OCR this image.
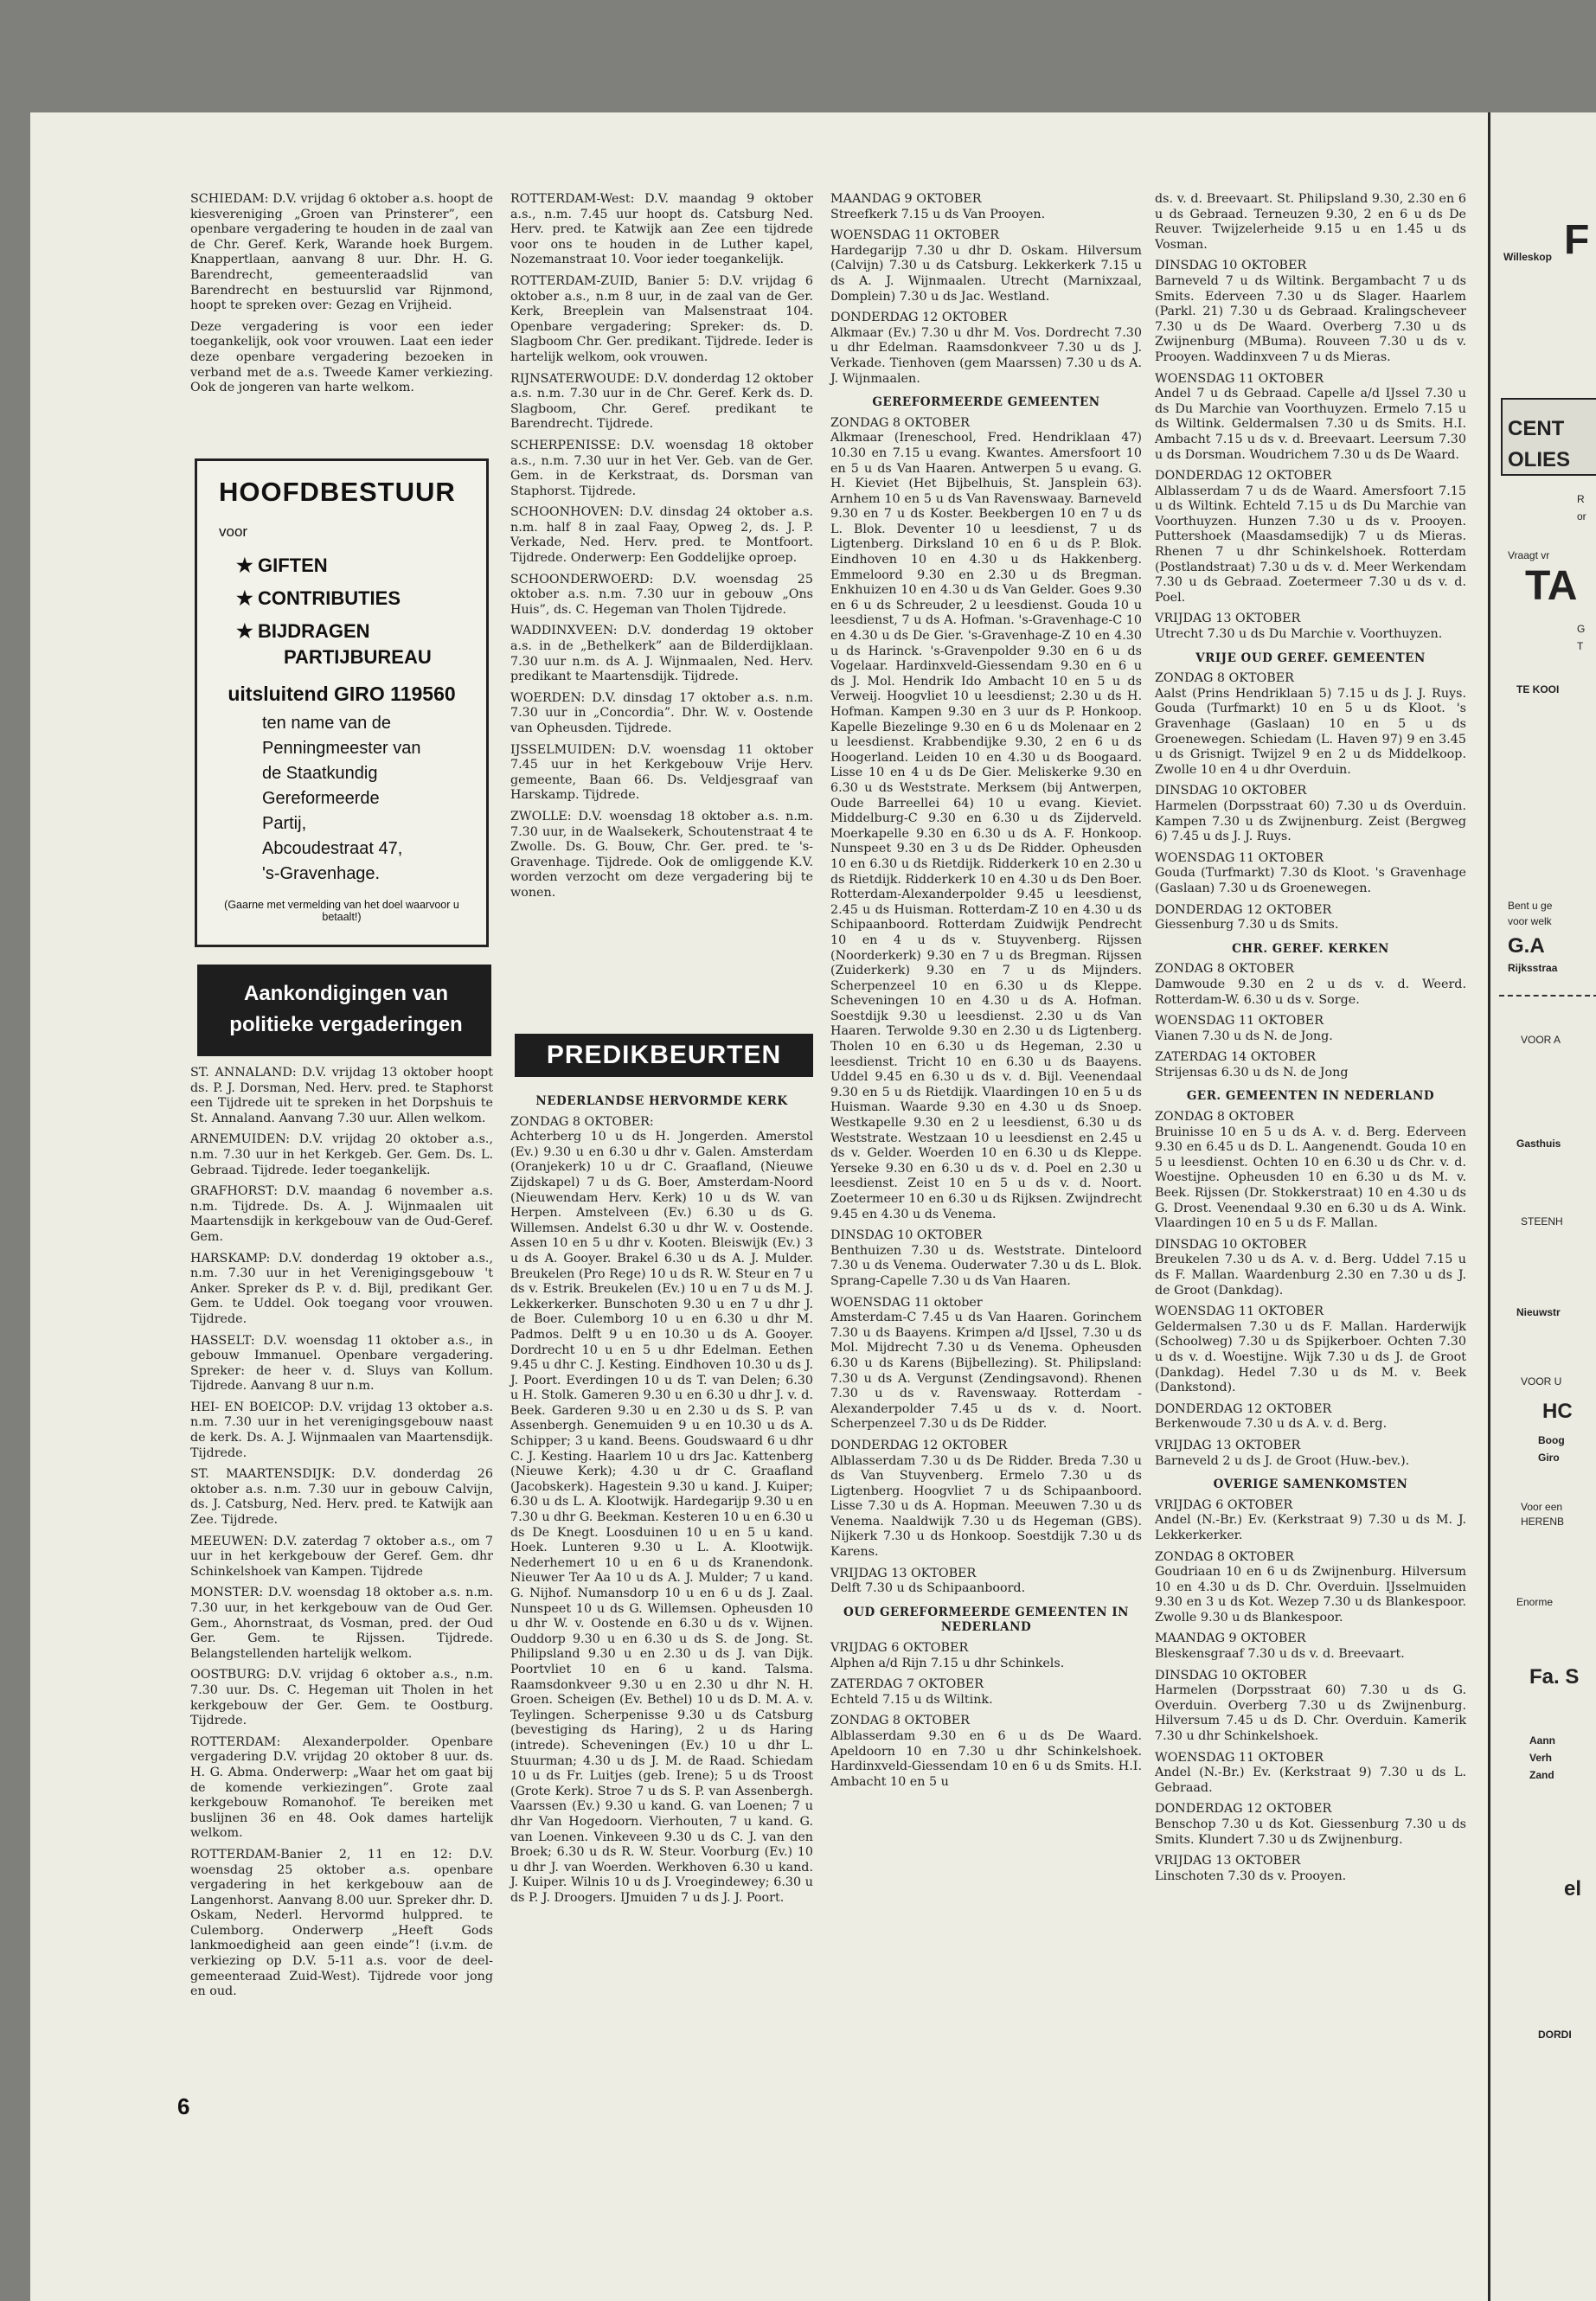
SCHIEDAM: D.V. vrijdag 6 oktober a.s. hoopt de kiesvereniging „Groen van Prinsterer”, een openbare vergadering te houden in de zaal van de Chr. Geref. Kerk, Warande hoek Burgem. Knappertlaan, aanvang 8 uur. Dhr. H. G. Barendrecht, gemeenteraadslid van Barendrecht en bestuurslid var Rijnmond, hoopt te spreken over: Gezag en Vrijheid.

Deze vergadering is voor een ieder toegankelijk, ook voor vrouwen. Laat een ieder deze openbare vergadering bezoeken in verband met de a.s. Tweede Kamer verkiezing. Ook de jongeren van harte welkom.

HOOFDBESTUUR
voor
★ GIFTEN
★ CONTRIBUTIES
★ BIJDRAGEN
PARTIJBUREAU
uitsluitend GIRO 119560
ten name van de
Penningmeester van
de Staatkundig
Gereformeerde
Partij,
Abcoudestraat 47,
's-Gravenhage.
(Gaarne met vermelding van het doel waarvoor u betaalt!)
Aankondigingen van politieke vergaderingen

ST. ANNALAND: D.V. vrijdag 13 oktober hoopt ds. P. J. Dorsman, Ned. Herv. pred. te Staphorst een Tijdrede uit te spreken in het Dorpshuis te St. Annaland. Aanvang 7.30 uur. Allen welkom.

ARNEMUIDEN: D.V. vrijdag 20 oktober a.s., n.m. 7.30 uur in het Kerkgeb. Ger. Gem. Ds. L. Gebraad. Tijdrede. Ieder toegankelijk.

GRAFHORST: D.V. maandag 6 november a.s. n.m. Tijdrede. Ds. A. J. Wijnmaalen uit Maartensdijk in kerkgebouw van de Oud-Geref. Gem.

HARSKAMP: D.V. donderdag 19 oktober a.s., n.m. 7.30 uur in het Verenigingsgebouw 't Anker. Spreker ds P. v. d. Bijl, predikant Ger. Gem. te Uddel. Ook toegang voor vrouwen. Tijdrede.

HASSELT: D.V. woensdag 11 oktober a.s., in gebouw Immanuel. Openbare vergadering. Spreker: de heer v. d. Sluys van Kollum. Tijdrede. Aanvang 8 uur n.m.

HEI- EN BOEICOP: D.V. vrijdag 13 oktober a.s. n.m. 7.30 uur in het verenigingsgebouw naast de kerk. Ds. A. J. Wijnmaalen van Maartensdijk. Tijdrede.

ST. MAARTENSDIJK: D.V. donderdag 26 oktober a.s. n.m. 7.30 uur in gebouw Calvijn, ds. J. Catsburg, Ned. Herv. pred. te Katwijk aan Zee. Tijdrede.

MEEUWEN: D.V. zaterdag 7 oktober a.s., om 7 uur in het kerkgebouw der Geref. Gem. dhr Schinkelshoek van Kampen. Tijdrede

MONSTER: D.V. woensdag 18 oktober a.s. n.m. 7.30 uur, in het kerkgebouw van de Oud Ger. Gem., Ahornstraat, ds Vosman, pred. der Oud Ger. Gem. te Rijssen. Tijdrede. Belangstellenden hartelijk welkom.

OOSTBURG: D.V. vrijdag 6 oktober a.s., n.m. 7.30 uur. Ds. C. Hegeman uit Tholen in het kerkgebouw der Ger. Gem. te Oostburg. Tijdrede.

ROTTERDAM: Alexanderpolder. Openbare vergadering D.V. vrijdag 20 oktober 8 uur. ds. H. G. Abma. Onderwerp: „Waar het om gaat bij de komende verkiezingen”. Grote zaal kerkgebouw Romanohof. Te bereiken met buslijnen 36 en 48. Ook dames hartelijk welkom.

ROTTERDAM-Banier 2, 11 en 12: D.V. woensdag 25 oktober a.s. openbare vergadering in het kerkgebouw aan de Langenhorst. Aanvang 8.00 uur. Spreker dhr. D. Oskam, Nederl. Hervormd hulppred. te Culemborg. Onderwerp „Heeft Gods lankmoedigheid aan geen einde”! (i.v.m. de verkiezing op D.V. 5-11 a.s. voor de deel-gemeenteraad Zuid-West). Tijdrede voor jong en oud.

ROTTERDAM-West: D.V. maandag 9 oktober a.s., n.m. 7.45 uur hoopt ds. Catsburg Ned. Herv. pred. te Katwijk aan Zee een tijdrede voor ons te houden in de Luther kapel, Nozemanstraat 10. Voor ieder toegankelijk.

ROTTERDAM-ZUID, Banier 5: D.V. vrijdag 6 oktober a.s., n.m 8 uur, in de zaal van de Ger. Kerk, Breeplein van Malsenstraat 104. Openbare vergadering; Spreker: ds. D. Slagboom Chr. Ger. predikant. Tijdrede. Ieder is hartelijk welkom, ook vrouwen.

RIJNSATERWOUDE: D.V. donderdag 12 oktober a.s. n.m. 7.30 uur in de Chr. Geref. Kerk ds. D. Slagboom, Chr. Geref. predikant te Barendrecht. Tijdrede.

SCHERPENISSE: D.V. woensdag 18 oktober a.s., n.m. 7.30 uur in het Ver. Geb. van de Ger. Gem. in de Kerkstraat, ds. Dorsman van Staphorst. Tijdrede.

SCHOONHOVEN: D.V. dinsdag 24 oktober a.s. n.m. half 8 in zaal Faay, Opweg 2, ds. J. P. Verkade, Ned. Herv. pred. te Montfoort. Tijdrede. Onderwerp: Een Goddelijke oproep.

SCHOONDERWOERD: D.V. woensdag 25 oktober a.s. n.m. 7.30 uur in gebouw „Ons Huis”, ds. C. Hegeman van Tholen Tijdrede.

WADDINXVEEN: D.V. donderdag 19 oktober a.s. in de „Bethelkerk” aan de Bilderdijklaan. 7.30 uur n.m. ds A. J. Wijnmaalen, Ned. Herv. predikant te Maartensdijk. Tijdrede.

WOERDEN: D.V. dinsdag 17 oktober a.s. n.m. 7.30 uur in „Concordia”. Dhr. W. v. Oostende van Opheusden. Tijdrede.

IJSSELMUIDEN: D.V. woensdag 11 oktober 7.45 uur in het Kerkgebouw Vrije Herv. gemeente, Baan 66. Ds. Veldjesgraaf van Harskamp. Tijdrede.

ZWOLLE: D.V. woensdag 18 oktober a.s. n.m. 7.30 uur, in de Waalsekerk, Schoutenstraat 4 te Zwolle. Ds. G. Bouw, Chr. Ger. pred. te 's-Gravenhage. Tijdrede. Ook de omliggende K.V. worden verzocht om deze vergadering bij te wonen.

PREDIKBEURTEN

NEDERLANDSE HERVORMDE KERK

ZONDAG 8 OKTOBER:

Achterberg 10 u ds H. Jongerden. Amerstol (Ev.) 9.30 u en 6.30 u dhr v. Galen. Amsterdam (Oranjekerk) 10 u dr C. Graafland, (Nieuwe Zijdskapel) 7 u ds G. Boer, Amsterdam-Noord (Nieuwendam Herv. Kerk) 10 u ds W. van Herpen. Amstelveen (Ev.) 6.30 u ds G. Willemsen. Andelst 6.30 u dhr W. v. Oostende. Assen 10 en 5 u dhr v. Kooten. Bleiswijk (Ev.) 3 u ds A. Gooyer. Brakel 6.30 u ds A. J. Mulder. Breukelen (Pro Rege) 10 u ds R. W. Steur en 7 u ds v. Estrik. Breukelen (Ev.) 10 u en 7 u ds M. J. Lekkerkerker. Bunschoten 9.30 u en 7 u dhr J. de Boer. Culemborg 10 u en 6.30 u dhr M. Padmos. Delft 9 u en 10.30 u ds A. Gooyer. Dordrecht 10 u en 5 u dhr Edelman. Eethen 9.45 u dhr C. J. Kesting. Eindhoven 10.30 u ds J. J. Poort. Everdingen 10 u ds T. van Delen; 6.30 u H. Stolk. Gameren 9.30 u en 6.30 u dhr J. v. d. Beek. Garderen 9.30 u en 2.30 u ds S. P. van Assenbergh. Genemuiden 9 u en 10.30 u ds A. Schipper; 3 u kand. Beens. Goudswaard 6 u dhr C. J. Kesting. Haarlem 10 u drs Jac. Kattenberg (Nieuwe Kerk); 4.30 u dr C. Graafland (Jacobskerk). Hagestein 9.30 u kand. J. Kuiper; 6.30 u ds L. A. Klootwijk. Hardegarijp 9.30 u en 7.30 u dhr G. Beekman. Kesteren 10 u en 6.30 u ds De Knegt. Loosduinen 10 u en 5 u kand. Hoek. Lunteren 9.30 u L. A. Klootwijk. Nederhemert 10 u en 6 u ds Kranendonk. Nieuwer Ter Aa 10 u ds A. J. Mulder; 7 u kand. G. Nijhof. Numansdorp 10 u en 6 u ds J. Zaal. Nunspeet 10 u ds G. Willemsen. Opheusden 10 u dhr W. v. Oostende en 6.30 u ds v. Wijnen. Ouddorp 9.30 u en 6.30 u ds S. de Jong. St. Philipsland 9.30 u en 2.30 u ds J. van Dijk. Poortvliet 10 en 6 u kand. Talsma. Raamsdonkveer 9.30 u en 2.30 u dhr N. H. Groen. Scheigen (Ev. Bethel) 10 u ds D. M. A. v. Teylingen. Scherpenisse 9.30 u ds Catsburg (bevestiging ds Haring), 2 u ds Haring (intrede). Scheveningen (Ev.) 10 u dhr L. Stuurman; 4.30 u ds J. M. de Raad. Schiedam 10 u ds Fr. Luitjes (geb. Irene); 5 u ds Troost (Grote Kerk). Stroe 7 u ds S. P. van Assenbergh. Vaarssen (Ev.) 9.30 u kand. G. van Loenen; 7 u dhr Van Hogedoorn. Vierhouten, 7 u kand. G. van Loenen. Vinkeveen 9.30 u ds C. J. van den Broek; 6.30 u ds R. W. Steur. Voorburg (Ev.) 10 u dhr J. van Woerden. Werkhoven 6.30 u kand. J. Kuiper. Wilnis 10 u ds J. Vroegindewey; 6.30 u ds P. J. Droogers. IJmuiden 7 u ds J. J. Poort.

MAANDAG 9 OKTOBER

Streefkerk 7.15 u ds Van Prooyen.

WOENSDAG 11 OKTOBER

Hardegarijp 7.30 u dhr D. Oskam. Hilversum (Calvijn) 7.30 u ds Catsburg. Lekkerkerk 7.15 u ds A. J. Wijnmaalen. Utrecht (Marnixzaal, Domplein) 7.30 u ds Jac. Westland.

DONDERDAG 12 OKTOBER

Alkmaar (Ev.) 7.30 u dhr M. Vos. Dordrecht 7.30 u dhr Edelman. Raamsdonkveer 7.30 u ds J. Verkade. Tienhoven (gem Maarssen) 7.30 u ds A. J. Wijnmaalen.

GEREFORMEERDE GEMEENTEN

ZONDAG 8 OKTOBER

Alkmaar (Ireneschool, Fred. Hendriklaan 47) 10.30 en 7.15 u evang. Kwantes. Amersfoort 10 en 5 u ds Van Haaren. Antwerpen 5 u evang. G. H. Kieviet (Het Bijbelhuis, St. Jansplein 63). Arnhem 10 en 5 u ds Van Ravenswaay. Barneveld 9.30 en 7 u ds Koster. Beekbergen 10 en 7 u ds L. Blok. Deventer 10 u leesdienst, 7 u ds Ligtenberg. Dirksland 10 en 6 u ds P. Blok. Eindhoven 10 en 4.30 u ds Hakkenberg. Emmeloord 9.30 en 2.30 u ds Bregman. Enkhuizen 10 en 4.30 u ds Van Gelder. Goes 9.30 en 6 u ds Schreuder, 2 u leesdienst. Gouda 10 u leesdienst, 7 u ds A. Hofman. 's-Gravenhage-C 10 en 4.30 u ds De Gier. 's-Gravenhage-Z 10 en 4.30 u ds Harinck. 's-Gravenpolder 9.30 en 6 u ds Vogelaar. Hardinxveld-Giessendam 9.30 en 6 u ds J. Mol. Hendrik Ido Ambacht 10 en 5 u ds Verweij. Hoogvliet 10 u leesdienst; 2.30 u ds H. Hofman. Kampen 9.30 en 3 uur ds P. Honkoop. Kapelle Biezelinge 9.30 en 6 u ds Molenaar en 2 u leesdienst. Krabbendijke 9.30, 2 en 6 u ds Hoogerland. Leiden 10 en 4.30 u ds Boogaard. Lisse 10 en 4 u ds De Gier. Meliskerke 9.30 en 6.30 u ds Weststrate. Merksem (bij Antwerpen, Oude Barreellei 64) 10 u evang. Kieviet. Middelburg-C 9.30 en 6.30 u ds Zijderveld. Moerkapelle 9.30 en 6.30 u ds A. F. Honkoop. Nunspeet 9.30 en 3 u ds De Ridder. Opheusden 10 en 6.30 u ds Rietdijk. Ridderkerk 10 en 2.30 u ds Rietdijk. Ridderkerk 10 en 4.30 u ds Den Boer. Rotterdam-Alexanderpolder 9.45 u leesdienst, 2.45 u ds Huisman. Rotterdam-Z 10 en 4.30 u ds Schipaanboord. Rotterdam Zuidwijk Pendrecht 10 en 4 u ds v. Stuyvenberg. Rijssen (Noorderkerk) 9.30 en 7 u ds Bregman. Rijssen (Zuiderkerk) 9.30 en 7 u ds Mijnders. Scherpenzeel 10 en 6.30 u ds Kleppe. Scheveningen 10 en 4.30 u ds A. Hofman. Soestdijk 9.30 u leesdienst. 2.30 u ds Van Haaren. Terwolde 9.30 en 2.30 u ds Ligtenberg. Tholen 10 en 6.30 u ds Hegeman, 2.30 u leesdienst. Tricht 10 en 6.30 u ds Baayens. Uddel 9.45 en 6.30 u ds v. d. Bijl. Veenendaal 9.30 en 5 u ds Rietdijk. Vlaardingen 10 en 5 u ds Huisman. Waarde 9.30 en 4.30 u ds Snoep. Westkapelle 9.30 en 2 u leesdienst, 6.30 u ds Weststrate. Westzaan 10 u leesdienst en 2.45 u ds v. Gelder. Woerden 10 en 6.30 u ds Kleppe. Yerseke 9.30 en 6.30 u ds v. d. Poel en 2.30 u leesdienst. Zeist 10 en 5 u ds v. d. Noort. Zoetermeer 10 en 6.30 u ds Rijksen. Zwijndrecht 9.45 en 4.30 u ds Venema.

DINSDAG 10 OKTOBER

Benthuizen 7.30 u ds. Weststrate. Dinteloord 7.30 u ds Venema. Ouderwater 7.30 u ds L. Blok. Sprang-Capelle 7.30 u ds Van Haaren.

WOENSDAG 11 oktober

Amsterdam-C 7.45 u ds Van Haaren. Gorinchem 7.30 u ds Baayens. Krimpen a/d IJssel, 7.30 u ds Mol. Mijdrecht 7.30 u ds Venema. Opheusden 6.30 u ds Karens (Bijbellezing). St. Philipsland: 7.30 u ds A. Vergunst (Zendingsavond). Rhenen 7.30 u ds v. Ravenswaay. Rotterdam - Alexanderpolder 7.45 u ds v. d. Noort. Scherpenzeel 7.30 u ds De Ridder.

DONDERDAG 12 OKTOBER

Alblasserdam 7.30 u ds De Ridder. Breda 7.30 u ds Van Stuyvenberg. Ermelo 7.30 u ds Ligtenberg. Hoogvliet 7 u ds Schipaanboord. Lisse 7.30 u ds A. Hopman. Meeuwen 7.30 u ds Venema. Naaldwijk 7.30 u ds Hegeman (GBS). Nijkerk 7.30 u ds Honkoop. Soestdijk 7.30 u ds Karens.

VRIJDAG 13 OKTOBER

Delft 7.30 u ds Schipaanboord.

OUD GEREFORMEERDE GEMEENTEN IN NEDERLAND

VRIJDAG 6 OKTOBER

Alphen a/d Rijn 7.15 u dhr Schinkels.

ZATERDAG 7 OKTOBER

Echteld 7.15 u ds Wiltink.

ZONDAG 8 OKTOBER

Alblasserdam 9.30 en 6 u ds De Waard. Apeldoorn 10 en 7.30 u dhr Schinkelshoek. Hardinxveld-Giessendam 10 en 6 u ds Smits. H.I. Ambacht 10 en 5 u

ds. v. d. Breevaart. St. Philipsland 9.30, 2.30 en 6 u ds Gebraad. Terneuzen 9.30, 2 en 6 u ds De Reuver. Twijzelerheide 9.15 u en 1.45 u ds Vosman.

DINSDAG 10 OKTOBER

Barneveld 7 u ds Wiltink. Bergambacht 7 u ds Smits. Ederveen 7.30 u ds Slager. Haarlem (Parkl. 21) 7.30 u ds Gebraad. Kralingscheveer 7.30 u ds De Waard. Overberg 7.30 u ds Zwijnenburg (MBuma). Rouveen 7.30 u ds v. Prooyen. Waddinxveen 7 u ds Mieras.

WOENSDAG 11 OKTOBER

Andel 7 u ds Gebraad. Capelle a/d IJssel 7.30 u ds Du Marchie van Voorthuyzen. Ermelo 7.15 u ds Wiltink. Geldermalsen 7.30 u ds Smits. H.I. Ambacht 7.15 u ds v. d. Breevaart. Leersum 7.30 u ds Dorsman. Woudrichem 7.30 u ds De Waard.

DONDERDAG 12 OKTOBER

Alblasserdam 7 u ds de Waard. Amersfoort 7.15 u ds Wiltink. Echteld 7.15 u ds Du Marchie van Voorthuyzen. Hunzen 7.30 u ds v. Prooyen. Puttershoek (Maasdamsedijk) 7 u ds Mieras. Rhenen 7 u dhr Schinkelshoek. Rotterdam (Postlandstraat) 7.30 u ds v. d. Meer Werkendam 7.30 u ds Gebraad. Zoetermeer 7.30 u ds v. d. Poel.

VRIJDAG 13 OKTOBER

Utrecht 7.30 u ds Du Marchie v. Voorthuyzen.

VRIJE OUD GEREF. GEMEENTEN

ZONDAG 8 OKTOBER

Aalst (Prins Hendriklaan 5) 7.15 u ds J. J. Ruys. Gouda (Turfmarkt) 10 en 5 u ds Kloot. 's Gravenhage (Gaslaan) 10 en 5 u ds Groenewegen. Schiedam (L. Haven 97) 9 en 3.45 u ds Grisnigt. Twijzel 9 en 2 u ds Middelkoop. Zwolle 10 en 4 u dhr Overduin.

DINSDAG 10 OKTOBER

Harmelen (Dorpsstraat 60) 7.30 u ds Overduin. Kampen 7.30 u ds Zwijnenburg. Zeist (Bergweg 6) 7.45 u ds J. J. Ruys.

WOENSDAG 11 OKTOBER

Gouda (Turfmarkt) 7.30 ds Kloot. 's Gravenhage (Gaslaan) 7.30 u ds Groenewegen.

DONDERDAG 12 OKTOBER

Giessenburg 7.30 u ds Smits.

CHR. GEREF. KERKEN

ZONDAG 8 OKTOBER

Damwoude 9.30 en 2 u ds v. d. Weerd. Rotterdam-W. 6.30 u ds v. Sorge.

WOENSDAG 11 OKTOBER

Vianen 7.30 u ds N. de Jong.

ZATERDAG 14 OKTOBER

Strijensas 6.30 u ds N. de Jong

GER. GEMEENTEN IN NEDERLAND

ZONDAG 8 OKTOBER

Bruinisse 10 en 5 u ds A. v. d. Berg. Ederveen 9.30 en 6.45 u ds D. L. Aangenendt. Gouda 10 en 5 u leesdienst. Ochten 10 en 6.30 u ds Chr. v. d. Woestijne. Opheusden 10 en 6.30 u ds M. v. Beek. Rijssen (Dr. Stokkerstraat) 10 en 4.30 u ds G. Drost. Veenendaal 9.30 en 6.30 u ds A. Wink. Vlaardingen 10 en 5 u ds F. Mallan.

DINSDAG 10 OKTOBER

Breukelen 7.30 u ds A. v. d. Berg. Uddel 7.15 u ds F. Mallan. Waardenburg 2.30 en 7.30 u ds J. de Groot (Dankdag).

WOENSDAG 11 OKTOBER

Geldermalsen 7.30 u ds F. Mallan. Harderwijk (Schoolweg) 7.30 u ds Spijkerboer. Ochten 7.30 u ds v. d. Woestijne. Wijk 7.30 u ds J. de Groot (Dankdag). Hedel 7.30 u ds M. v. Beek (Dankstond).

DONDERDAG 12 OKTOBER

Berkenwoude 7.30 u ds A. v. d. Berg.

VRIJDAG 13 OKTOBER

Barneveld 2 u ds J. de Groot (Huw.-bev.).

OVERIGE SAMENKOMSTEN

VRIJDAG 6 OKTOBER

Andel (N.-Br.) Ev. (Kerkstraat 9) 7.30 u ds M. J. Lekkerkerker.

ZONDAG 8 OKTOBER

Goudriaan 10 en 6 u ds Zwijnenburg. Hilversum 10 en 4.30 u ds D. Chr. Overduin. IJsselmuiden 9.30 en 3 u ds Kot. Wezep 7.30 u ds Blankespoor. Zwolle 9.30 u ds Blankespoor.

MAANDAG 9 OKTOBER

Bleskensgraaf 7.30 u ds v. d. Breevaart.

DINSDAG 10 OKTOBER

Harmelen (Dorpsstraat 60) 7.30 u ds G. Overduin. Overberg 7.30 u ds Zwijnenburg. Hilversum 7.45 u ds D. Chr. Overduin. Kamerik 7.30 u dhr Schinkelshoek.

WOENSDAG 11 OKTOBER

Andel (N.-Br.) Ev. (Kerkstraat 9) 7.30 u ds L. Gebraad.

DONDERDAG 12 OKTOBER

Benschop 7.30 u ds Kot. Giessenburg 7.30 u ds Smits. Klundert 7.30 u ds Zwijnenburg.

VRIJDAG 13 OKTOBER

Linschoten 7.30 ds v. Prooyen.

6
F
Willeskop
CENT
OLIES
R
or
Vraagt vr
TA
G
T
TE KOOI
Bent u ge
voor welk
G.A
Rijksstraa
VOOR A
Gasthuis
STEENH
Nieuwstr
VOOR U
HC
Boog
Giro
Voor een
HERENB
Enorme
Fa. S
Aann
Verh
Zand
el
DORDI
